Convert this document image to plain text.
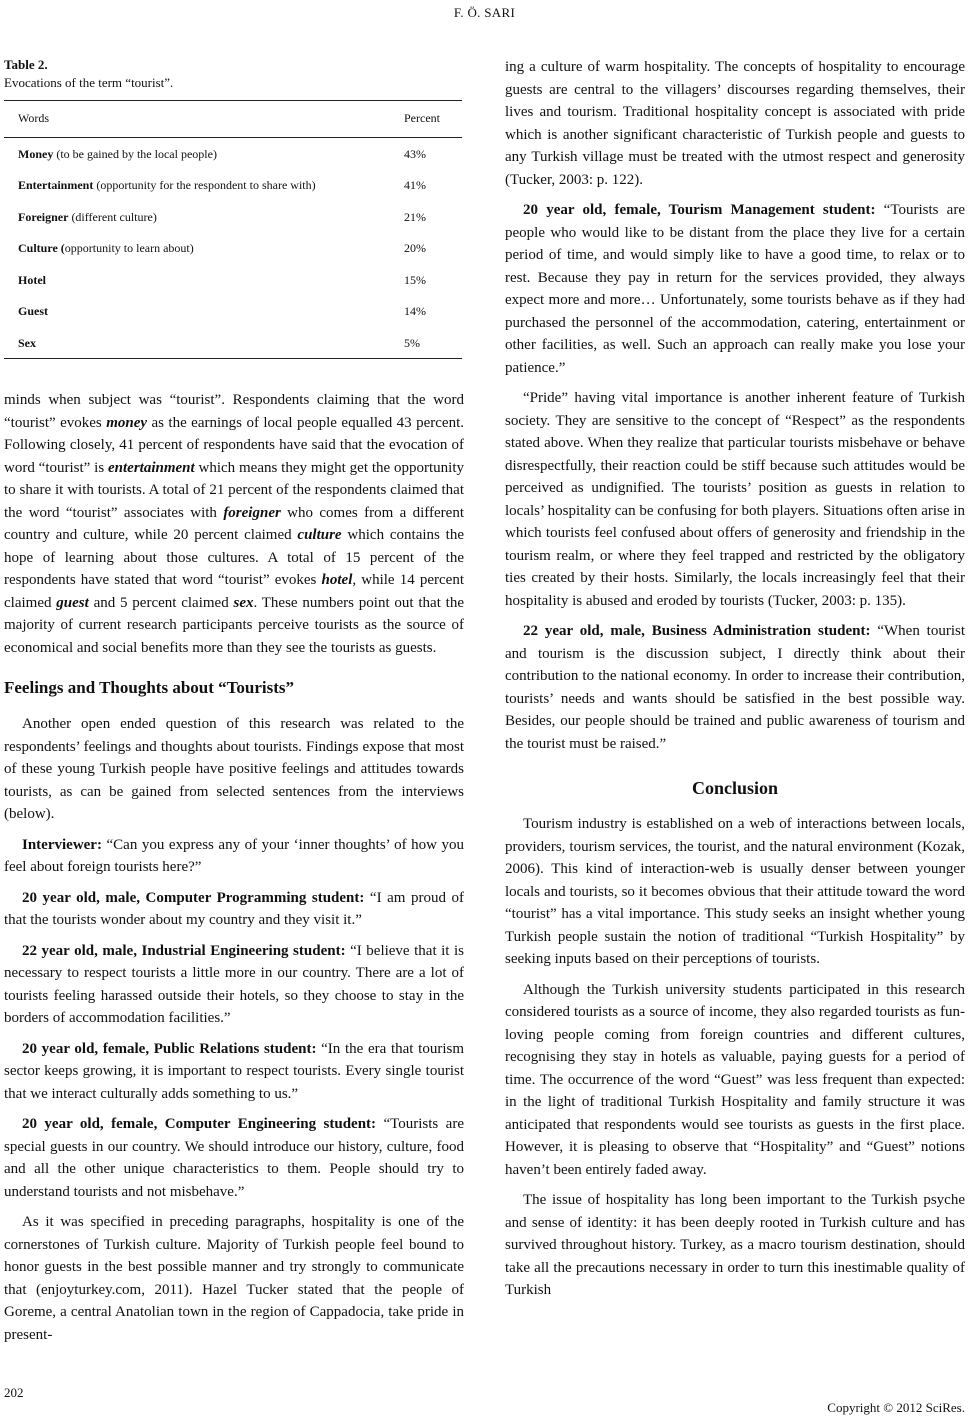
F. Ö. SARI
Table 2.
Evocations of the term “tourist”.
Words	Percent
Money (to be gained by the local people)	43%
Entertainment (opportunity for the respondent to share with)	41%
Foreigner (different culture)	21%
Culture (opportunity to learn about)	20%
Hotel	15%
Guest	14%
Sex	5%

minds when subject was “tourist”. Respondents claiming that the word “tourist” evokes money as the earnings of local people equalled 43 percent. Following closely, 41 percent of respondents have said that the evocation of word “tourist” is entertainment which means they might get the opportunity to share it with tourists. A total of 21 percent of the respondents claimed that the word “tourist” associates with foreigner who comes from a different country and culture, while 20 percent claimed culture which contains the hope of learning about those cultures. A total of 15 percent of the respondents have stated that word “tourist” evokes hotel, while 14 percent claimed guest and 5 percent claimed sex. These numbers point out that the majority of current research participants perceive tourists as the source of economical and social benefits more than they see the tourists as guests.

Feelings and Thoughts about “Tourists”

Another open ended question of this research was related to the respondents’ feelings and thoughts about tourists. Findings expose that most of these young Turkish people have positive feelings and attitudes towards tourists, as can be gained from selected sentences from the interviews (below).

Interviewer: “Can you express any of your ‘inner thoughts’ of how you feel about foreign tourists here?”

20 year old, male, Computer Programming student: “I am proud of that the tourists wonder about my country and they visit it.”

22 year old, male, Industrial Engineering student: “I believe that it is necessary to respect tourists a little more in our country. There are a lot of tourists feeling harassed outside their hotels, so they choose to stay in the borders of accommodation facilities.”

20 year old, female, Public Relations student: “In the era that tourism sector keeps growing, it is important to respect tourists. Every single tourist that we interact culturally adds something to us.”

20 year old, female, Computer Engineering student: “Tourists are special guests in our country. We should introduce our history, culture, food and all the other unique characteristics to them. People should try to understand tourists and not misbehave.”

As it was specified in preceding paragraphs, hospitality is one of the cornerstones of Turkish culture. Majority of Turkish people feel bound to honor guests in the best possible manner and try strongly to communicate that (enjoyturkey.com, 2011). Hazel Tucker stated that the people of Goreme, a central Anatolian town in the region of Cappadocia, take pride in present-

ing a culture of warm hospitality. The concepts of hospitality to encourage guests are central to the villagers’ discourses regarding themselves, their lives and tourism. Traditional hospitality concept is associated with pride which is another significant characteristic of Turkish people and guests to any Turkish village must be treated with the utmost respect and generosity (Tucker, 2003: p. 122).

20 year old, female, Tourism Management student: “Tourists are people who would like to be distant from the place they live for a certain period of time, and would simply like to have a good time, to relax or to rest. Because they pay in return for the services provided, they always expect more and more… Unfortunately, some tourists behave as if they had purchased the personnel of the accommodation, catering, entertainment or other facilities, as well. Such an approach can really make you lose your patience.”

“Pride” having vital importance is another inherent feature of Turkish society. They are sensitive to the concept of “Respect” as the respondents stated above. When they realize that particular tourists misbehave or behave disrespectfully, their reaction could be stiff because such attitudes would be perceived as undignified. The tourists’ position as guests in relation to locals’ hospitality can be confusing for both players. Situations often arise in which tourists feel confused about offers of generosity and friendship in the tourism realm, or where they feel trapped and restricted by the obligatory ties created by their hosts. Similarly, the locals increasingly feel that their hospitality is abused and eroded by tourists (Tucker, 2003: p. 135).

22 year old, male, Business Administration student: “When tourist and tourism is the discussion subject, I directly think about their contribution to the national economy. In order to increase their contribution, tourists’ needs and wants should be satisfied in the best possible way. Besides, our people should be trained and public awareness of tourism and the tourist must be raised.”

Conclusion

Tourism industry is established on a web of interactions between locals, providers, tourism services, the tourist, and the natural environment (Kozak, 2006). This kind of interaction-web is usually denser between younger locals and tourists, so it becomes obvious that their attitude toward the word “tourist” has a vital importance. This study seeks an insight whether young Turkish people sustain the notion of traditional “Turkish Hospitality” by seeking inputs based on their perceptions of tourists.

Although the Turkish university students participated in this research considered tourists as a source of income, they also regarded tourists as fun-loving people coming from foreign countries and different cultures, recognising they stay in hotels as valuable, paying guests for a period of time. The occurrence of the word “Guest” was less frequent than expected: in the light of traditional Turkish Hospitality and family structure it was anticipated that respondents would see tourists as guests in the first place. However, it is pleasing to observe that “Hospitality” and “Guest” notions haven’t been entirely faded away.

The issue of hospitality has long been important to the Turkish psyche and sense of identity: it has been deeply rooted in Turkish culture and has survived throughout history. Turkey, as a macro tourism destination, should take all the precautions necessary in order to turn this inestimable quality of Turkish

202
Copyright © 2012 SciRes.
